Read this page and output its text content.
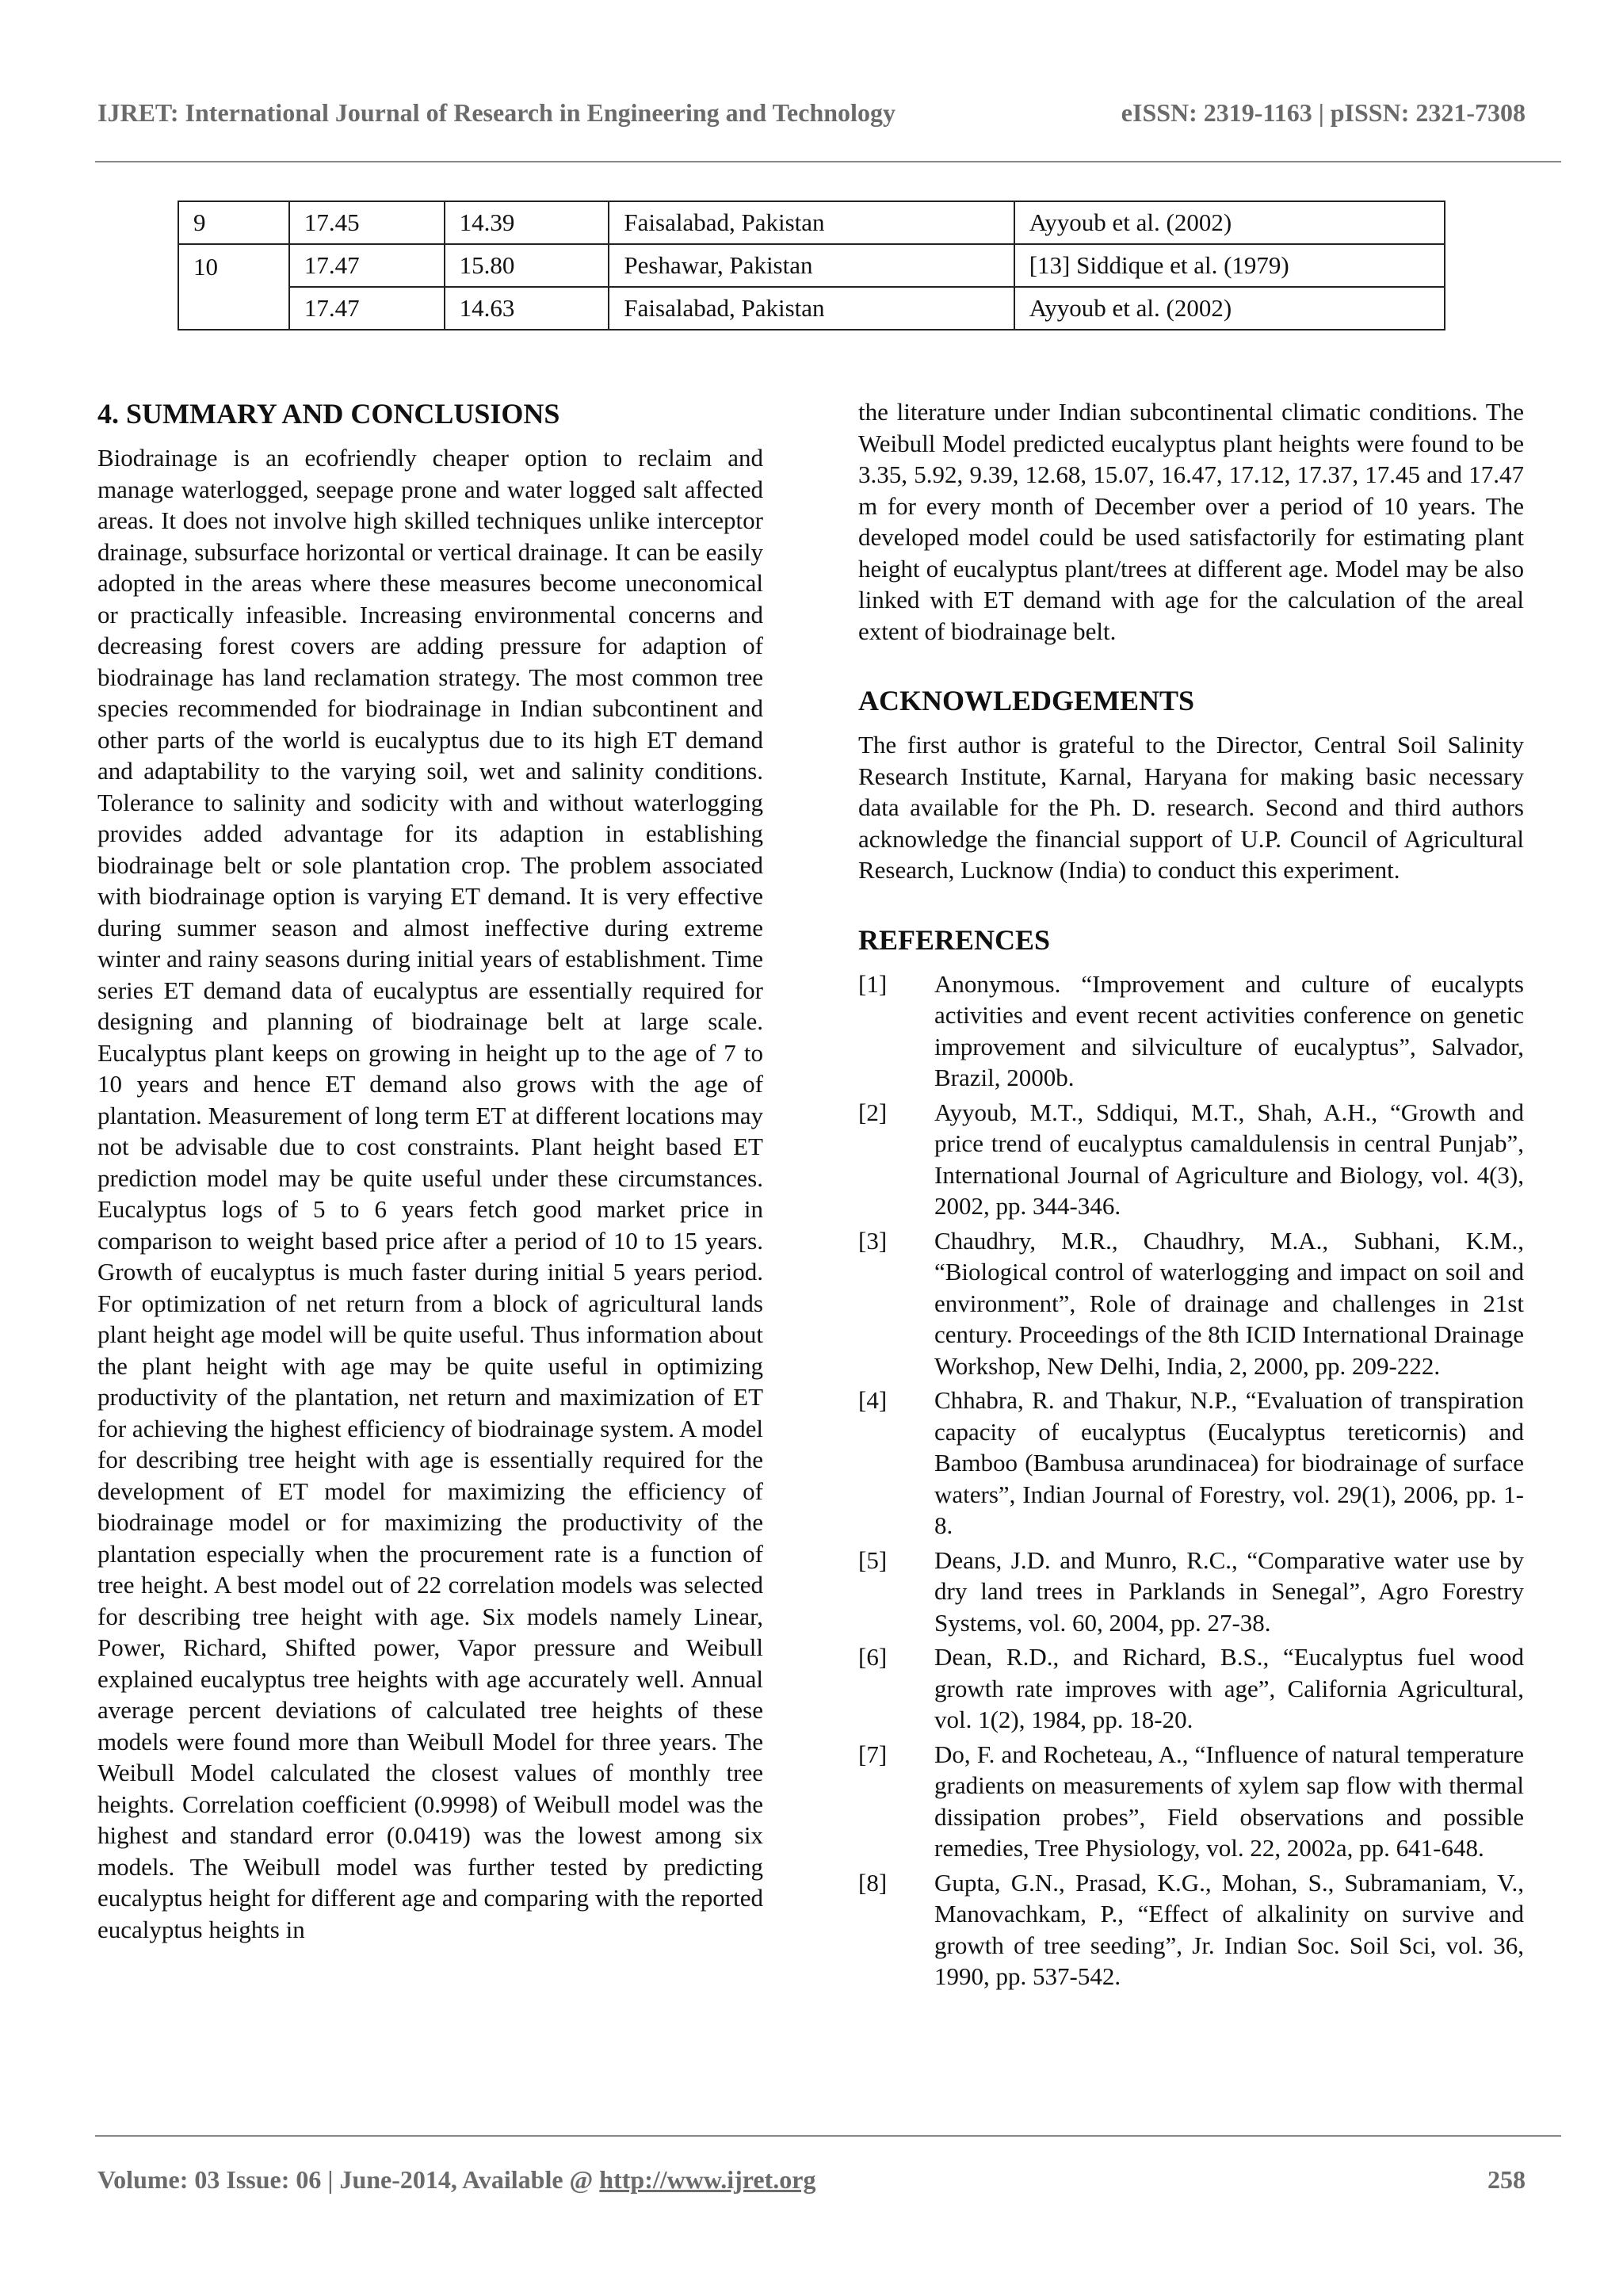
IJRET: International Journal of Research in Engineering and Technology	eISSN: 2319-1163 | pISSN: 2321-7308
9	17.45	14.39	Faisalabad, Pakistan	Ayyoub et al. (2002)
10	17.47	15.80	Peshawar, Pakistan	[13] Siddique et al. (1979)
	17.47	14.63	Faisalabad, Pakistan	Ayyoub et al. (2002)
4. SUMMARY AND CONCLUSIONS

Biodrainage is an ecofriendly cheaper option to reclaim and manage waterlogged, seepage prone and water logged salt affected areas. It does not involve high skilled techniques unlike interceptor drainage, subsurface horizontal or vertical drainage. It can be easily adopted in the areas where these measures become uneconomical or practically infeasible. Increasing environmental concerns and decreasing forest covers are adding pressure for adaption of biodrainage has land reclamation strategy. The most common tree species recommended for biodrainage in Indian subcontinent and other parts of the world is eucalyptus due to its high ET demand and adaptability to the varying soil, wet and salinity conditions. Tolerance to salinity and sodicity with and without waterlogging provides added advantage for its adaption in establishing biodrainage belt or sole plantation crop. The problem associated with biodrainage option is varying ET demand. It is very effective during summer season and almost ineffective during extreme winter and rainy seasons during initial years of establishment. Time series ET demand data of eucalyptus are essentially required for designing and planning of biodrainage belt at large scale. Eucalyptus plant keeps on growing in height up to the age of 7 to 10 years and hence ET demand also grows with the age of plantation. Measurement of long term ET at different locations may not be advisable due to cost constraints. Plant height based ET prediction model may be quite useful under these circumstances. Eucalyptus logs of 5 to 6 years fetch good market price in comparison to weight based price after a period of 10 to 15 years. Growth of eucalyptus is much faster during initial 5 years period. For optimization of net return from a block of agricultural lands plant height age model will be quite useful. Thus information about the plant height with age may be quite useful in optimizing productivity of the plantation, net return and maximization of ET for achieving the highest efficiency of biodrainage system. A model for describing tree height with age is essentially required for the development of ET model for maximizing the efficiency of biodrainage model or for maximizing the productivity of the plantation especially when the procurement rate is a function of tree height. A best model out of 22 correlation models was selected for describing tree height with age. Six models namely Linear, Power, Richard, Shifted power, Vapor pressure and Weibull explained eucalyptus tree heights with age accurately well. Annual average percent deviations of calculated tree heights of these models were found more than Weibull Model for three years. The Weibull Model calculated the closest values of monthly tree heights. Correlation coefficient (0.9998) of Weibull model was the highest and standard error (0.0419) was the lowest among six models. The Weibull model was further tested by predicting eucalyptus height for different age and comparing with the reported eucalyptus heights in

the literature under Indian subcontinental climatic conditions. The Weibull Model predicted eucalyptus plant heights were found to be 3.35, 5.92, 9.39, 12.68, 15.07, 16.47, 17.12, 17.37, 17.45 and 17.47 m for every month of December over a period of 10 years. The developed model could be used satisfactorily for estimating plant height of eucalyptus plant/trees at different age. Model may be also linked with ET demand with age for the calculation of the areal extent of biodrainage belt.

ACKNOWLEDGEMENTS

The first author is grateful to the Director, Central Soil Salinity Research Institute, Karnal, Haryana for making basic necessary data available for the Ph. D. research. Second and third authors acknowledge the financial support of U.P. Council of Agricultural Research, Lucknow (India) to conduct this experiment.

REFERENCES
[1]	Anonymous. “Improvement and culture of eucalypts activities and event recent activities conference on genetic improvement and silviculture of eucalyptus”, Salvador, Brazil, 2000b.
[2]	Ayyoub, M.T., Sddiqui, M.T., Shah, A.H., “Growth and price trend of eucalyptus camaldulensis in central Punjab”, International Journal of Agriculture and Biology, vol. 4(3), 2002, pp. 344-346.
[3]	Chaudhry, M.R., Chaudhry, M.A., Subhani, K.M., “Biological control of waterlogging and impact on soil and environment”, Role of drainage and challenges in 21st century. Proceedings of the 8th ICID International Drainage Workshop, New Delhi, India, 2, 2000, pp. 209-222.
[4]	Chhabra, R. and Thakur, N.P., “Evaluation of transpiration capacity of eucalyptus (Eucalyptus tereticornis) and Bamboo (Bambusa arundinacea) for biodrainage of surface waters”, Indian Journal of Forestry, vol. 29(1), 2006, pp. 1-8.
[5]	Deans, J.D. and Munro, R.C., “Comparative water use by dry land trees in Parklands in Senegal”, Agro Forestry Systems, vol. 60, 2004, pp. 27-38.
[6]	Dean, R.D., and Richard, B.S., “Eucalyptus fuel wood growth rate improves with age”, California Agricultural, vol. 1(2), 1984, pp. 18-20.
[7]	Do, F. and Rocheteau, A., “Influence of natural temperature gradients on measurements of xylem sap flow with thermal dissipation probes”, Field observations and possible remedies, Tree Physiology, vol. 22, 2002a, pp. 641-648.
[8]	Gupta, G.N., Prasad, K.G., Mohan, S., Subramaniam, V., Manovachkam, P., “Effect of alkalinity on survive and growth of tree seeding”, Jr. Indian Soc. Soil Sci, vol. 36, 1990, pp. 537-542.
Volume: 03 Issue: 06 | June-2014, Available @ http://www.ijret.org	258
